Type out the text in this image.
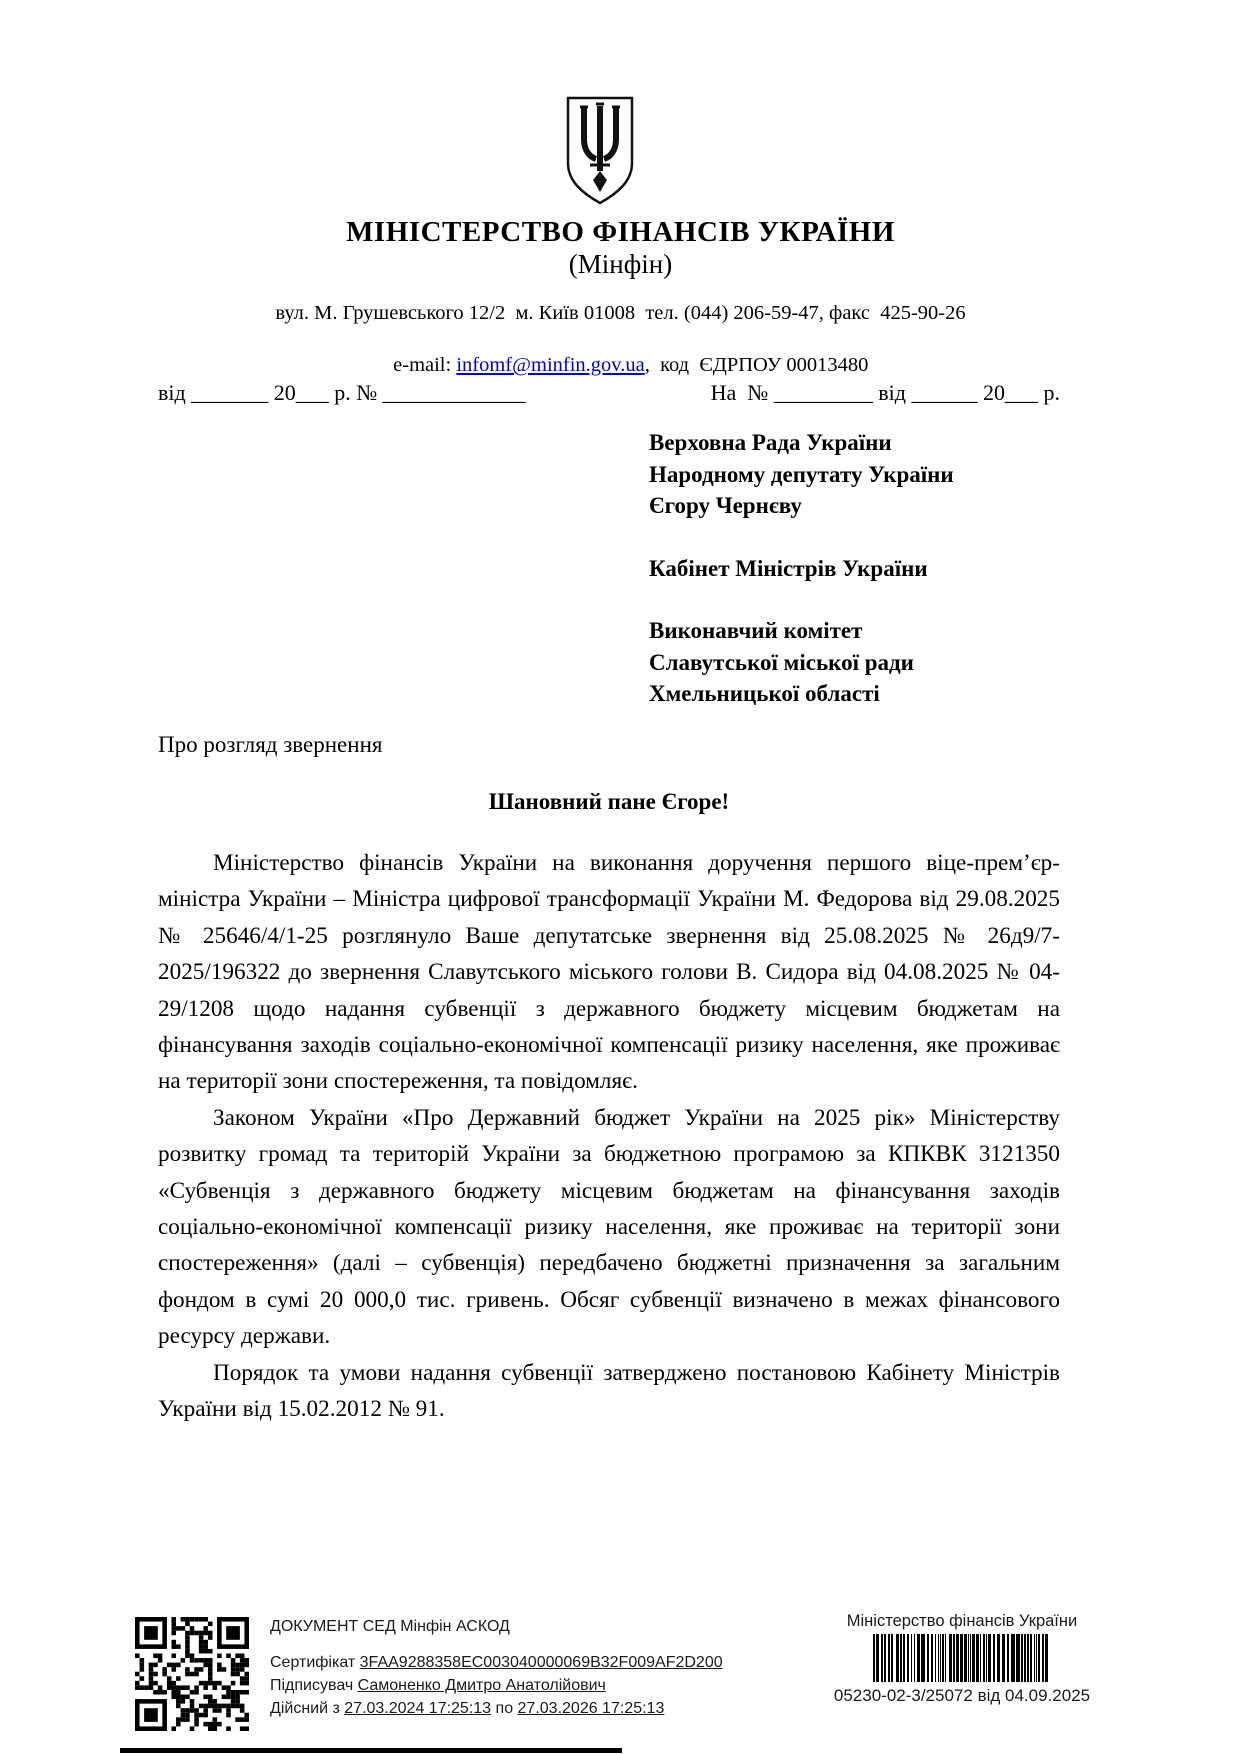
МІНІСТЕРСТВО ФІНАНСІВ УКРАЇНИ
(Мінфін)
вул. М. Грушевського 12/2  м. Київ 01008  тел. (044) 206-59-47, факс  425-90-26

e-mail: infomf@minfin.gov.ua,  код  ЄДРПОУ 00013480

від _______ 20___ р. № _____________	На  № _________ від ______ 20___ р.
Верховна Рада України
Народному депутату України
Єгору Чернєву
Кабінет Міністрів України
Виконавчий комітет
Славутської міської ради
Хмельницької області
Про розгляд звернення
Шановний пане Єгоре!

Міністерство фінансів України на виконання доручення першого віце-прем’єр-міністра України – Міністра цифрової трансформації України М. Федорова від 29.08.2025 № 25646/4/1-25 розглянуло Ваше депутатське звернення від 25.08.2025 № 26д9/7-2025/196322 до звернення Славутського міського голови В. Сидора від 04.08.2025 № 04-29/1208 щодо надання субвенції з державного бюджету місцевим бюджетам на фінансування заходів соціально-економічної компенсації ризику населення, яке проживає на території зони спостереження, та повідомляє.

Законом України «Про Державний бюджет України на 2025 рік» Міністерству розвитку громад та територій України за бюджетною програмою за КПКВК 3121350 «Субвенція з державного бюджету місцевим бюджетам на фінансування заходів соціально-економічної компенсації ризику населення, яке проживає на території зони спостереження» (далі – субвенція) передбачено бюджетні призначення за загальним фондом в сумі 20 000,0 тис. гривень. Обсяг субвенції визначено в межах фінансового ресурсу держави.

Порядок та умови надання субвенції затверджено постановою Кабінету Міністрів України від 15.02.2012 № 91.

ДОКУМЕНТ СЕД Мінфін АСКОД
Сертифікат 3FAA9288358EC003040000069B32F009AF2D200
Підписувач Самоненко Дмитро Анатолійович
Дійсний з 27.03.2024 17:25:13 по 27.03.2026 17:25:13
Міністерство фінансів України
05230-02-3/25072 від 04.09.2025
